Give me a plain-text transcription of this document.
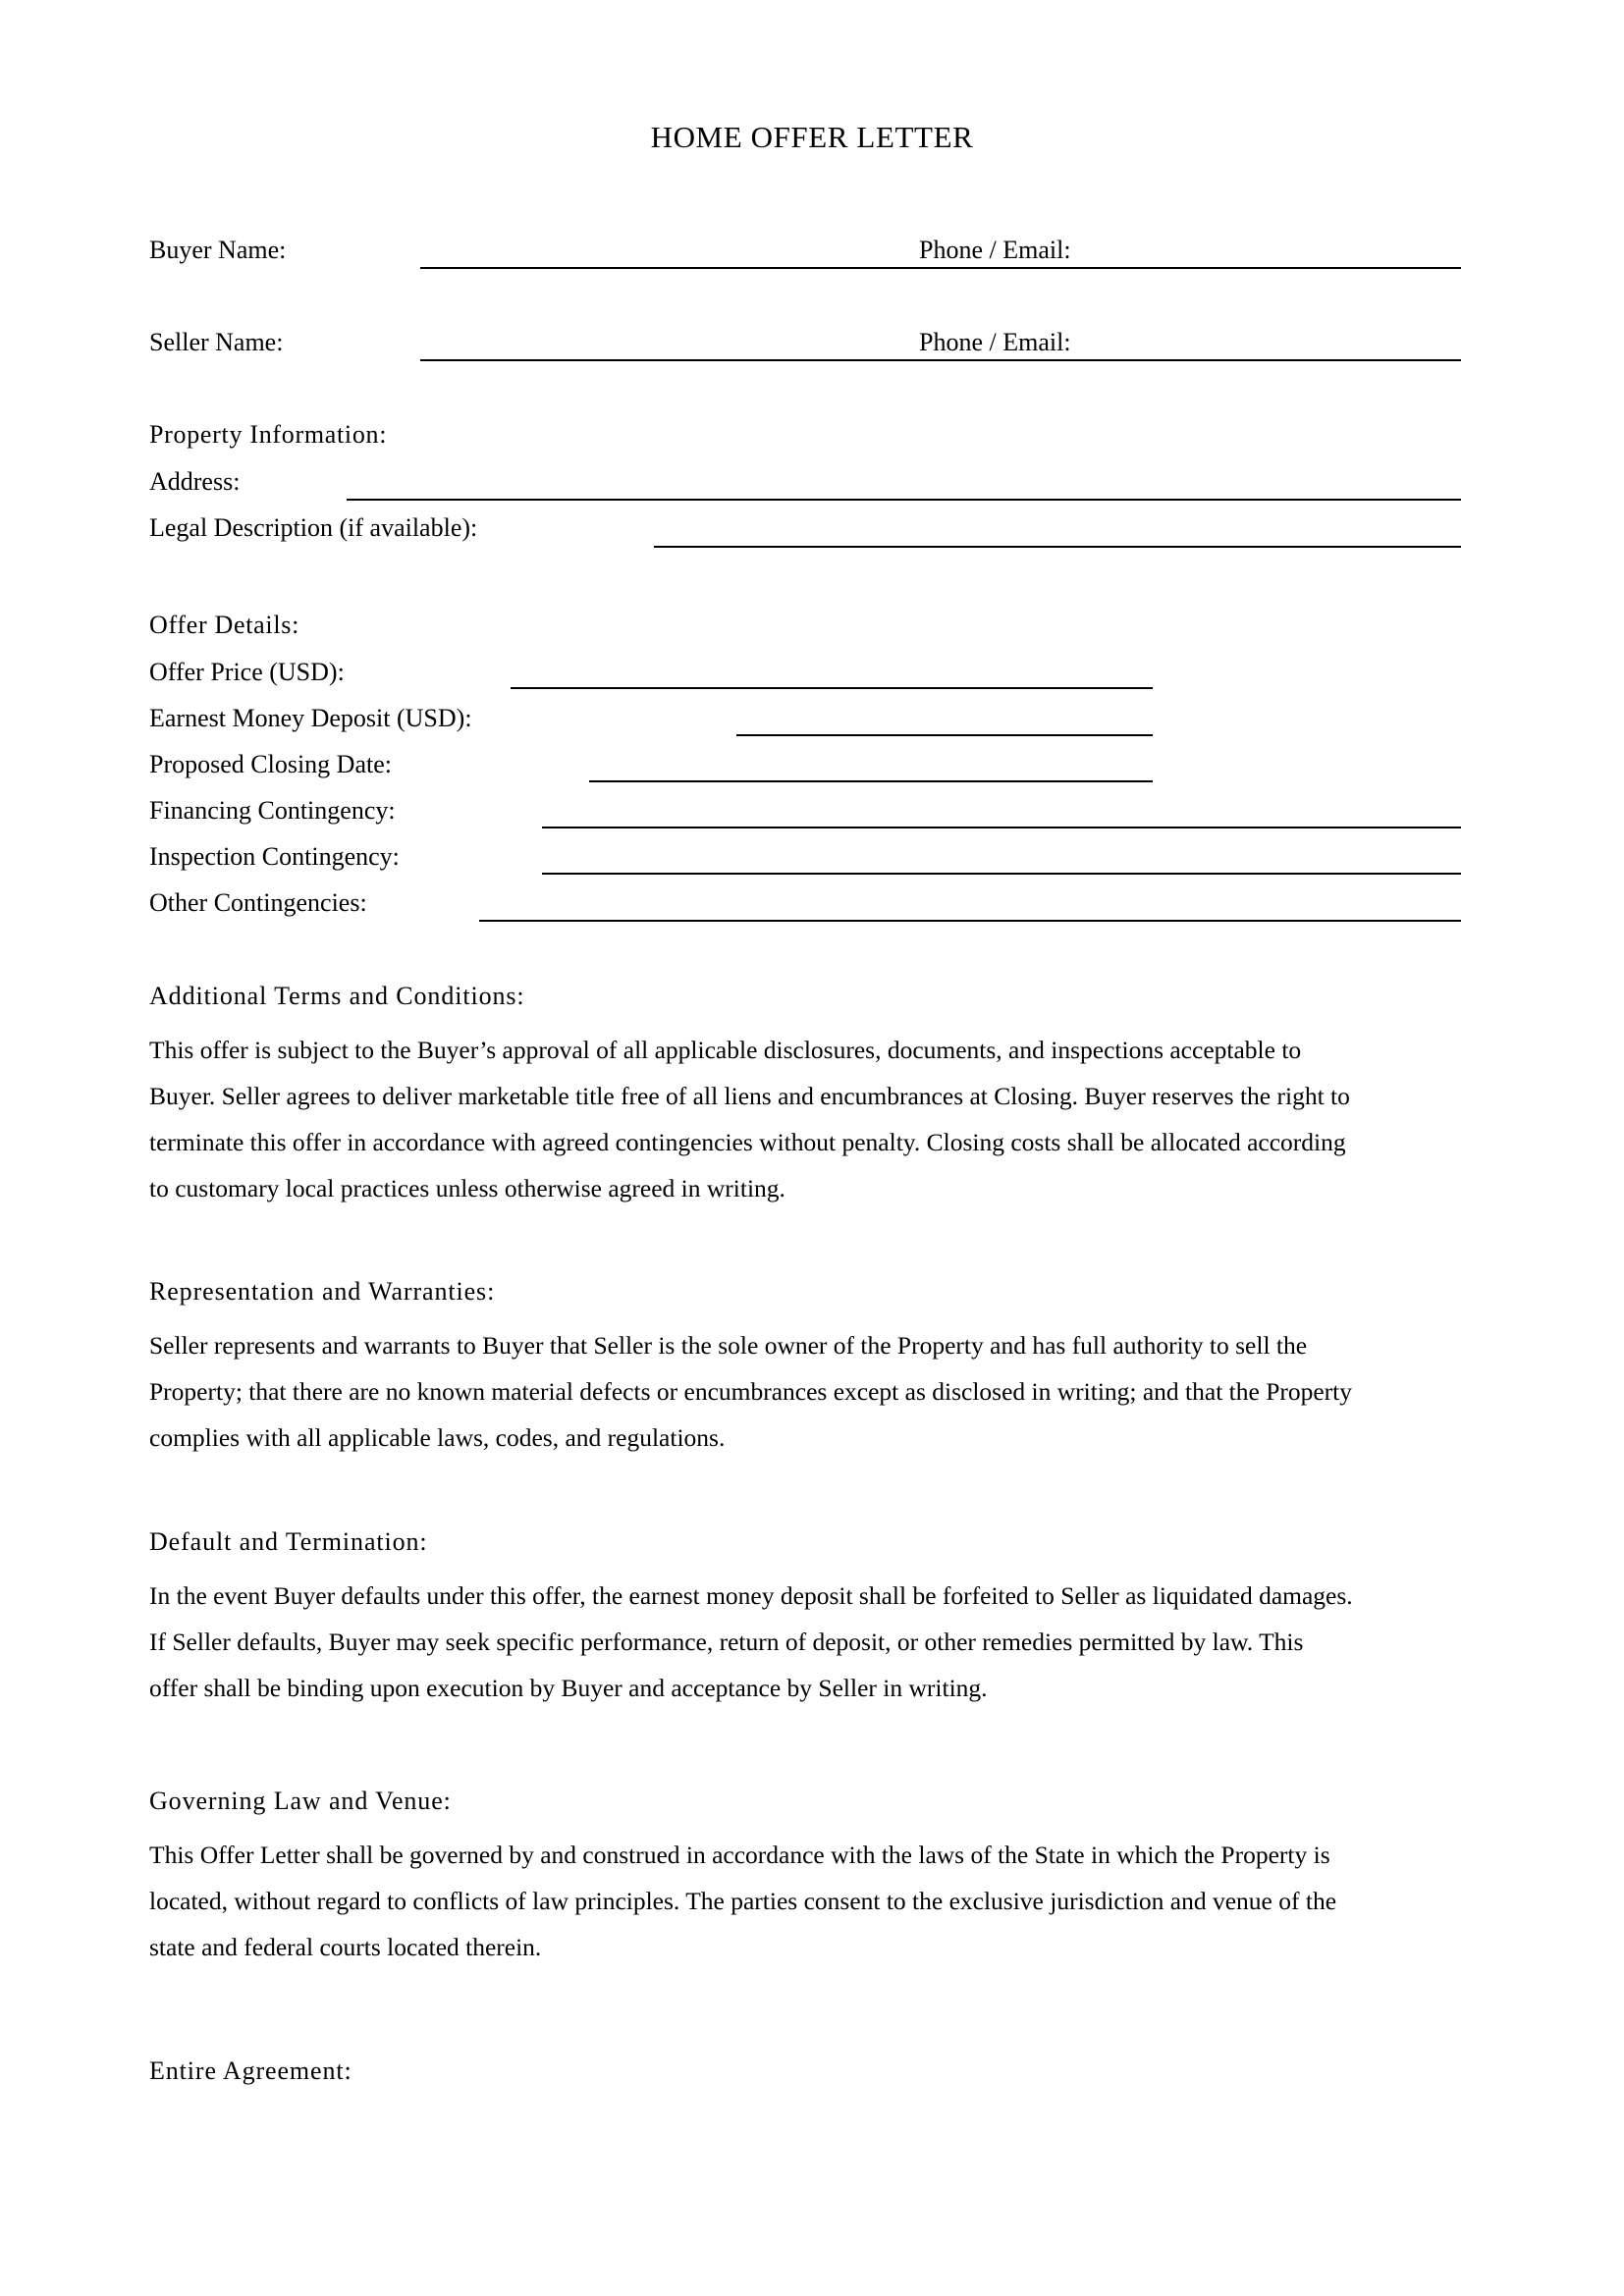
HOME OFFER LETTER
Buyer Name:	Phone / Email:
Seller Name:	Phone / Email:
Property Information:
Address:
Legal Description (if available):
Offer Details:
Offer Price (USD):
Earnest Money Deposit (USD):
Proposed Closing Date:
Financing Contingency:
Inspection Contingency:
Other Contingencies:
Additional Terms and Conditions:
This offer is subject to the Buyer’s approval of all applicable disclosures, documents, and inspections acceptable to
Buyer. Seller agrees to deliver marketable title free of all liens and encumbrances at Closing. Buyer reserves the right to
terminate this offer in accordance with agreed contingencies without penalty. Closing costs shall be allocated according
to customary local practices unless otherwise agreed in writing.
Representation and Warranties:
Seller represents and warrants to Buyer that Seller is the sole owner of the Property and has full authority to sell the
Property; that there are no known material defects or encumbrances except as disclosed in writing; and that the Property
complies with all applicable laws, codes, and regulations.
Default and Termination:
In the event Buyer defaults under this offer, the earnest money deposit shall be forfeited to Seller as liquidated damages.
If Seller defaults, Buyer may seek specific performance, return of deposit, or other remedies permitted by law. This
offer shall be binding upon execution by Buyer and acceptance by Seller in writing.
Governing Law and Venue:
This Offer Letter shall be governed by and construed in accordance with the laws of the State in which the Property is
located, without regard to conflicts of law principles. The parties consent to the exclusive jurisdiction and venue of the
state and federal courts located therein.
Entire Agreement:
